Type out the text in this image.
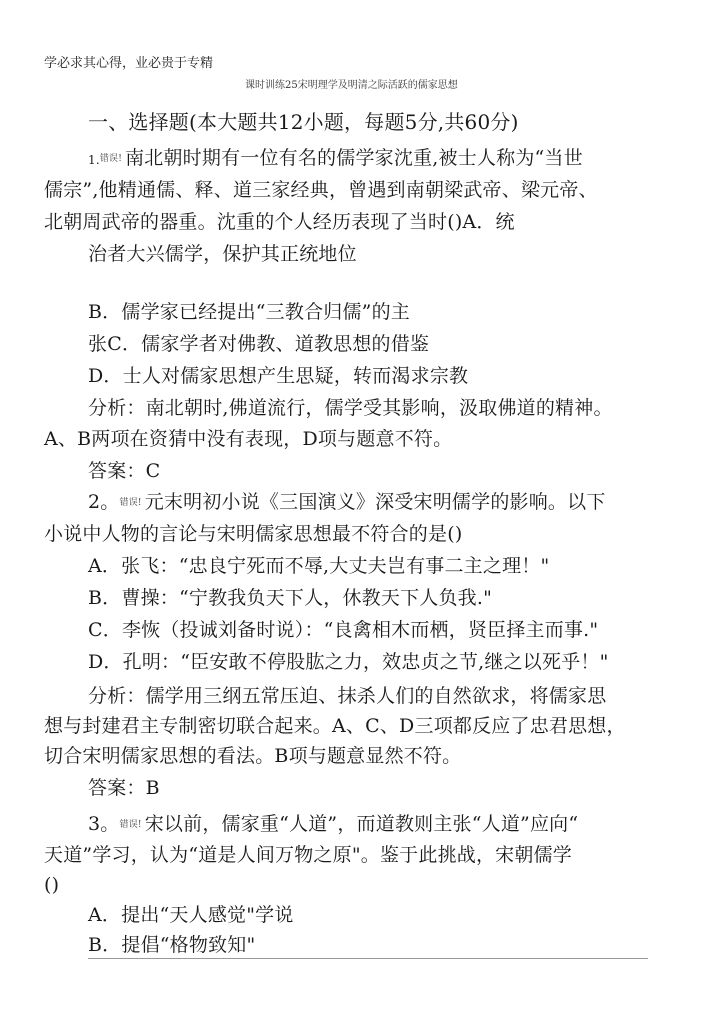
学必求其心得，业必贵于专精
课时训练25宋明理学及明清之际活跃的儒家思想
一、选择题(本大题共12小题，每题5分,共60分)
1.错误! 南北朝时期有一位有名的儒学家沈重,被士人称为“当世
儒宗”,他精通儒、释、道三家经典，曾遇到南朝梁武帝、梁元帝、
北朝周武帝的器重。沈重的个人经历表现了当时()A．统
治者大兴儒学，保护其正统地位
B．儒学家已经提出“三教合归儒”的主
张C．儒家学者对佛教、道教思想的借鉴
D．士人对儒家思想产生思疑，转而渴求宗教
分析：南北朝时,佛道流行，儒学受其影响，汲取佛道的精神。
A、B两项在资猜中没有表现，D项与题意不符。
答案：C
2。错误! 元末明初小说《三国演义》深受宋明儒学的影响。以下
小说中人物的言论与宋明儒家思想最不符合的是()
A．张飞：“忠良宁死而不辱,大丈夫岂有事二主之理！"
B．曹操：“宁教我负天下人，休教天下人负我."
C．李恢（投诚刘备时说）：“良禽相木而栖，贤臣择主而事."
D．孔明：“臣安敢不停股肱之力，效忠贞之节,继之以死乎！"
分析：儒学用三纲五常压迫、抹杀人们的自然欲求，将儒家思
想与封建君主专制密切联合起来。A、C、D三项都反应了忠君思想，
切合宋明儒家思想的看法。B项与题意显然不符。
答案：B
3。错误! 宋以前，儒家重“人道”，而道教则主张“人道”应向“
天道”学习，认为“道是人间万物之原"。鉴于此挑战，宋朝儒学
()
A．提出“天人感觉"学说
B．提倡“格物致知"
